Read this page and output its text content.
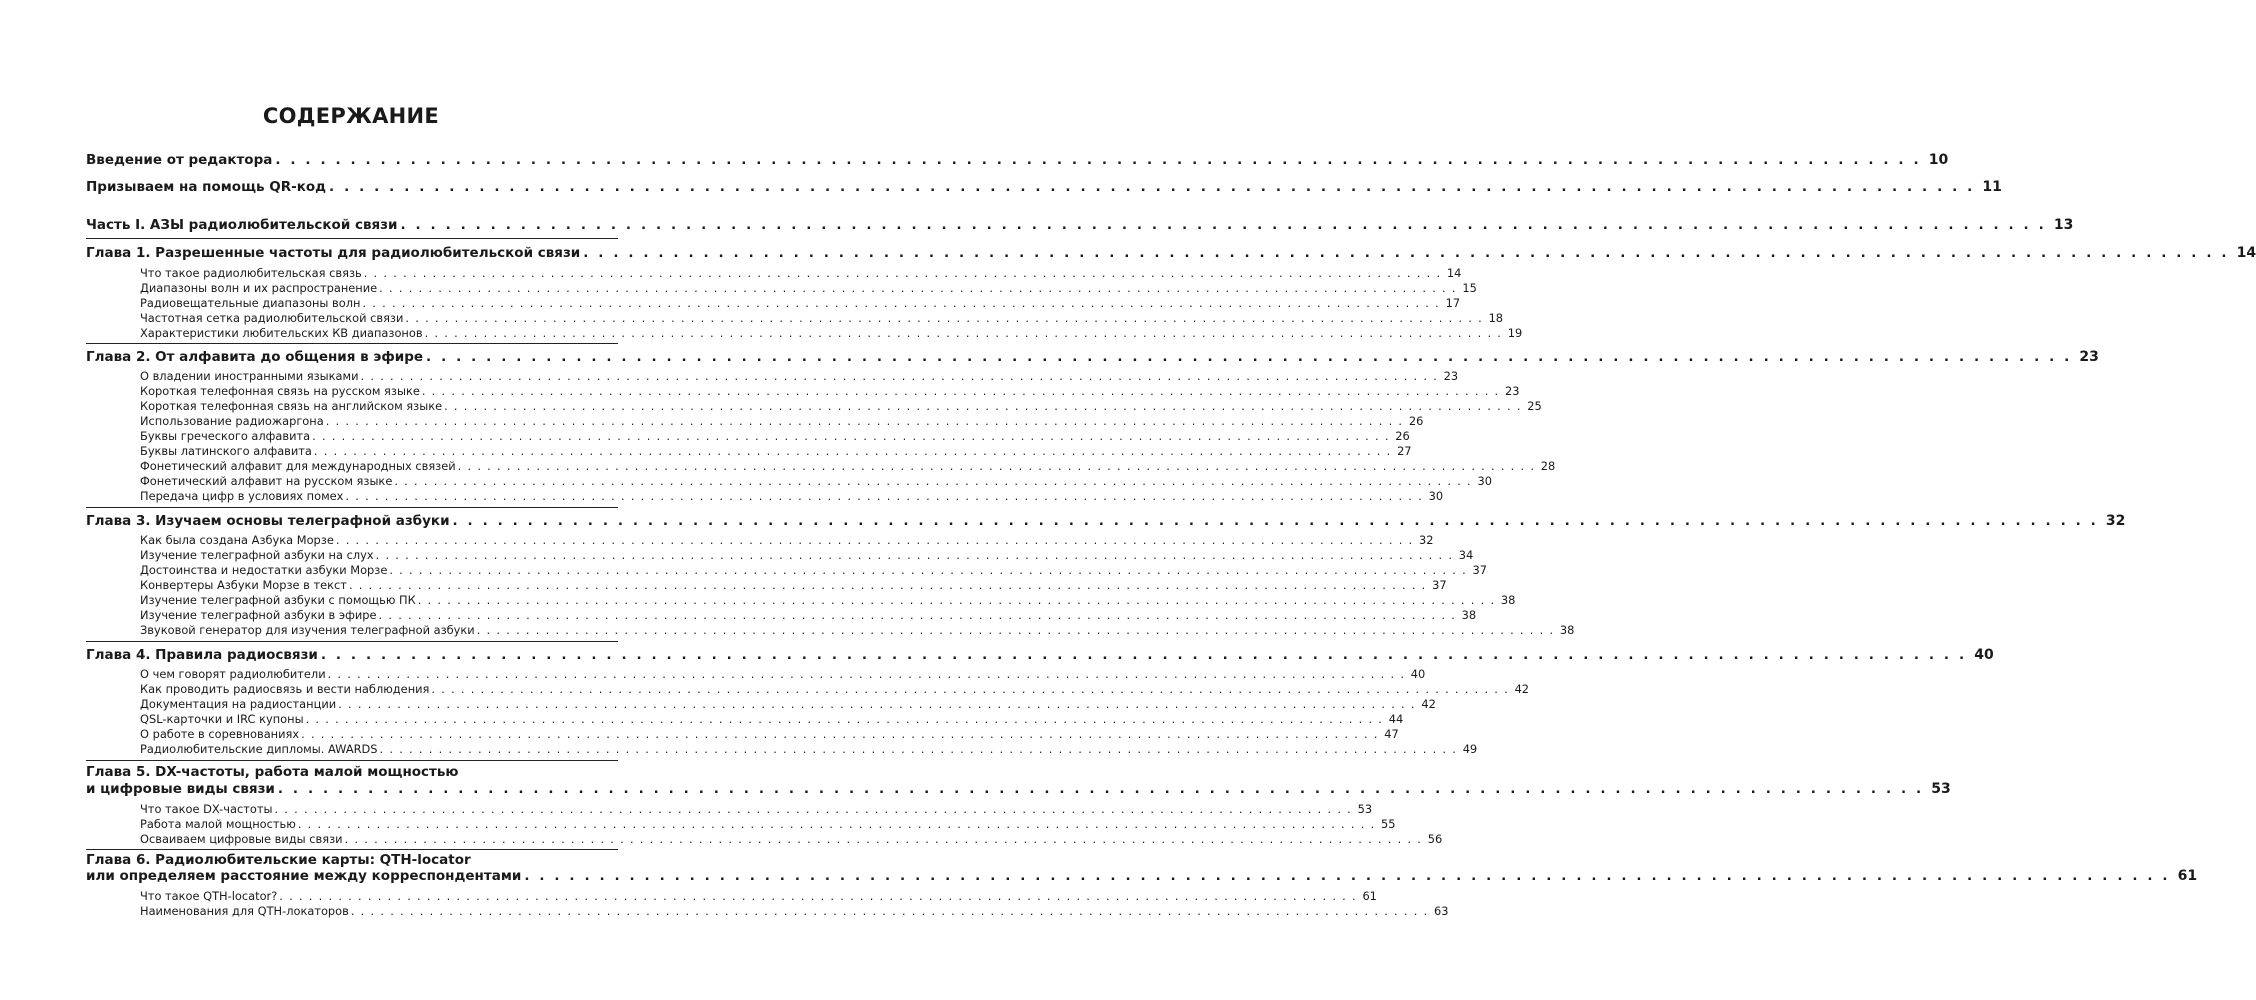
СОДЕРЖАНИЕ
Введение от редактора . . . . . . . . . . . . . . . . . . . . . . . . . . . . . . . . . . . . . . . . . . . . . . . . . . . . . . . . . . . . . . . . . . . . . . . . . . . . . . . . . . . . . . . . . . . . . . . . . . . . . . . . . . . . . . 10
Призываем на помощь QR-код . . . . . . . . . . . . . . . . . . . . . . . . . . . . . . . . . . . . . . . . . . . . . . . . . . . . . . . . . . . . . . . . . . . . . . . . . . . . . . . . . . . . . . . . . . . . . . . . . . . . . . . . . . . . . . 11
Часть I. АЗЫ радиолюбительской связи . . . . . . . . . . . . . . . . . . . . . . . . . . . . . . . . . . . . . . . . . . . . . . . . . . . . . . . . . . . . . . . . . . . . . . . . . . . . . . . . . . . . . . . . . . . . . . . . . . . . . . . . . . . . . . 13
Глава 1. Разрешенные частоты для радиолюбительской связи . . . . . . . . . . . . . . . . . . . . . . . . . . . . . . . . . . . . . . . . . . . . . . . . . . . . . . . . . . . . . . . . . . . . . . . . . . . . . . . . . . . . . . . . . . . . . . . . . . . . . . . . . . . . . . 14
Что такое радиолюбительская связь . . . . . . . . . . . . . . . . . . . . . . . . . . . . . . . . . . . . . . . . . . . . . . . . . . . . . . . . . . . . . . . . . . . . . . . . . . . . . . . . . . . . . . . . . . . . . . . . . . . . . . . . . . . . . . 14
Диапазоны волн и их распространение . . . . . . . . . . . . . . . . . . . . . . . . . . . . . . . . . . . . . . . . . . . . . . . . . . . . . . . . . . . . . . . . . . . . . . . . . . . . . . . . . . . . . . . . . . . . . . . . . . . . . . . . . . . . . . 15
Радиовещательные диапазоны волн . . . . . . . . . . . . . . . . . . . . . . . . . . . . . . . . . . . . . . . . . . . . . . . . . . . . . . . . . . . . . . . . . . . . . . . . . . . . . . . . . . . . . . . . . . . . . . . . . . . . . . . . . . . . . . 17
Частотная сетка радиолюбительской связи . . . . . . . . . . . . . . . . . . . . . . . . . . . . . . . . . . . . . . . . . . . . . . . . . . . . . . . . . . . . . . . . . . . . . . . . . . . . . . . . . . . . . . . . . . . . . . . . . . . . . . . . . . . . . . 18
Характеристики любительских КВ диапазонов . . . . . . . . . . . . . . . . . . . . . . . . . . . . . . . . . . . . . . . . . . . . . . . . . . . . . . . . . . . . . . . . . . . . . . . . . . . . . . . . . . . . . . . . . . . . . . . . . . . . . . . . . . . . . . 19
Глава 2. От алфавита до общения в эфире . . . . . . . . . . . . . . . . . . . . . . . . . . . . . . . . . . . . . . . . . . . . . . . . . . . . . . . . . . . . . . . . . . . . . . . . . . . . . . . . . . . . . . . . . . . . . . . . . . . . . . . . . . . . . . 23
О владении иностранными языками . . . . . . . . . . . . . . . . . . . . . . . . . . . . . . . . . . . . . . . . . . . . . . . . . . . . . . . . . . . . . . . . . . . . . . . . . . . . . . . . . . . . . . . . . . . . . . . . . . . . . . . . . . . . . . 23
Короткая телефонная связь на русском языке . . . . . . . . . . . . . . . . . . . . . . . . . . . . . . . . . . . . . . . . . . . . . . . . . . . . . . . . . . . . . . . . . . . . . . . . . . . . . . . . . . . . . . . . . . . . . . . . . . . . . . . . . . . . . . 23
Короткая телефонная связь на английском языке . . . . . . . . . . . . . . . . . . . . . . . . . . . . . . . . . . . . . . . . . . . . . . . . . . . . . . . . . . . . . . . . . . . . . . . . . . . . . . . . . . . . . . . . . . . . . . . . . . . . . . . . . . . . . . 25
Использование радиожаргона . . . . . . . . . . . . . . . . . . . . . . . . . . . . . . . . . . . . . . . . . . . . . . . . . . . . . . . . . . . . . . . . . . . . . . . . . . . . . . . . . . . . . . . . . . . . . . . . . . . . . . . . . . . . . . 26
Буквы греческого алфавита . . . . . . . . . . . . . . . . . . . . . . . . . . . . . . . . . . . . . . . . . . . . . . . . . . . . . . . . . . . . . . . . . . . . . . . . . . . . . . . . . . . . . . . . . . . . . . . . . . . . . . . . . . . . . . 26
Буквы латинского алфавита . . . . . . . . . . . . . . . . . . . . . . . . . . . . . . . . . . . . . . . . . . . . . . . . . . . . . . . . . . . . . . . . . . . . . . . . . . . . . . . . . . . . . . . . . . . . . . . . . . . . . . . . . . . . . . 27
Фонетический алфавит для международных связей . . . . . . . . . . . . . . . . . . . . . . . . . . . . . . . . . . . . . . . . . . . . . . . . . . . . . . . . . . . . . . . . . . . . . . . . . . . . . . . . . . . . . . . . . . . . . . . . . . . . . . . . . . . . . . 28
Фонетический алфавит на русском языке . . . . . . . . . . . . . . . . . . . . . . . . . . . . . . . . . . . . . . . . . . . . . . . . . . . . . . . . . . . . . . . . . . . . . . . . . . . . . . . . . . . . . . . . . . . . . . . . . . . . . . . . . . . . . . 30
Передача цифр в условиях помех . . . . . . . . . . . . . . . . . . . . . . . . . . . . . . . . . . . . . . . . . . . . . . . . . . . . . . . . . . . . . . . . . . . . . . . . . . . . . . . . . . . . . . . . . . . . . . . . . . . . . . . . . . . . . . 30
Глава 3. Изучаем основы телеграфной азбуки . . . . . . . . . . . . . . . . . . . . . . . . . . . . . . . . . . . . . . . . . . . . . . . . . . . . . . . . . . . . . . . . . . . . . . . . . . . . . . . . . . . . . . . . . . . . . . . . . . . . . . . . . . . . . . 32
Как была создана Азбука Морзе . . . . . . . . . . . . . . . . . . . . . . . . . . . . . . . . . . . . . . . . . . . . . . . . . . . . . . . . . . . . . . . . . . . . . . . . . . . . . . . . . . . . . . . . . . . . . . . . . . . . . . . . . . . . . . 32
Изучение телеграфной азбуки на слух . . . . . . . . . . . . . . . . . . . . . . . . . . . . . . . . . . . . . . . . . . . . . . . . . . . . . . . . . . . . . . . . . . . . . . . . . . . . . . . . . . . . . . . . . . . . . . . . . . . . . . . . . . . . . . 34
Достоинства и недостатки азбуки Морзе . . . . . . . . . . . . . . . . . . . . . . . . . . . . . . . . . . . . . . . . . . . . . . . . . . . . . . . . . . . . . . . . . . . . . . . . . . . . . . . . . . . . . . . . . . . . . . . . . . . . . . . . . . . . . . 37
Конвертеры Азбуки Морзе в текст . . . . . . . . . . . . . . . . . . . . . . . . . . . . . . . . . . . . . . . . . . . . . . . . . . . . . . . . . . . . . . . . . . . . . . . . . . . . . . . . . . . . . . . . . . . . . . . . . . . . . . . . . . . . . . 37
Изучение телеграфной азбуки с помощью ПК . . . . . . . . . . . . . . . . . . . . . . . . . . . . . . . . . . . . . . . . . . . . . . . . . . . . . . . . . . . . . . . . . . . . . . . . . . . . . . . . . . . . . . . . . . . . . . . . . . . . . . . . . . . . . . 38
Изучение телеграфной азбуки в эфире . . . . . . . . . . . . . . . . . . . . . . . . . . . . . . . . . . . . . . . . . . . . . . . . . . . . . . . . . . . . . . . . . . . . . . . . . . . . . . . . . . . . . . . . . . . . . . . . . . . . . . . . . . . . . . 38
Звуковой генератор для изучения телеграфной азбуки . . . . . . . . . . . . . . . . . . . . . . . . . . . . . . . . . . . . . . . . . . . . . . . . . . . . . . . . . . . . . . . . . . . . . . . . . . . . . . . . . . . . . . . . . . . . . . . . . . . . . . . . . . . . . . 38
Глава 4. Правила радиосвязи . . . . . . . . . . . . . . . . . . . . . . . . . . . . . . . . . . . . . . . . . . . . . . . . . . . . . . . . . . . . . . . . . . . . . . . . . . . . . . . . . . . . . . . . . . . . . . . . . . . . . . . . . . . . . . 40
О чем говорят радиолюбители . . . . . . . . . . . . . . . . . . . . . . . . . . . . . . . . . . . . . . . . . . . . . . . . . . . . . . . . . . . . . . . . . . . . . . . . . . . . . . . . . . . . . . . . . . . . . . . . . . . . . . . . . . . . . . 40
Как проводить радиосвязь и вести наблюдения . . . . . . . . . . . . . . . . . . . . . . . . . . . . . . . . . . . . . . . . . . . . . . . . . . . . . . . . . . . . . . . . . . . . . . . . . . . . . . . . . . . . . . . . . . . . . . . . . . . . . . . . . . . . . . 42
Документация на радиостанции . . . . . . . . . . . . . . . . . . . . . . . . . . . . . . . . . . . . . . . . . . . . . . . . . . . . . . . . . . . . . . . . . . . . . . . . . . . . . . . . . . . . . . . . . . . . . . . . . . . . . . . . . . . . . . 42
QSL-карточки и IRC купоны . . . . . . . . . . . . . . . . . . . . . . . . . . . . . . . . . . . . . . . . . . . . . . . . . . . . . . . . . . . . . . . . . . . . . . . . . . . . . . . . . . . . . . . . . . . . . . . . . . . . . . . . . . . . . . 44
О работе в соревнованиях . . . . . . . . . . . . . . . . . . . . . . . . . . . . . . . . . . . . . . . . . . . . . . . . . . . . . . . . . . . . . . . . . . . . . . . . . . . . . . . . . . . . . . . . . . . . . . . . . . . . . . . . . . . . . . 47
Радиолюбительские дипломы. AWARDS . . . . . . . . . . . . . . . . . . . . . . . . . . . . . . . . . . . . . . . . . . . . . . . . . . . . . . . . . . . . . . . . . . . . . . . . . . . . . . . . . . . . . . . . . . . . . . . . . . . . . . . . . . . . . . 49
Глава 5. DX-частоты, работа малой мощностью
и цифровые виды связи . . . . . . . . . . . . . . . . . . . . . . . . . . . . . . . . . . . . . . . . . . . . . . . . . . . . . . . . . . . . . . . . . . . . . . . . . . . . . . . . . . . . . . . . . . . . . . . . . . . . . . . . . . . . . . 53
Что такое DX-частоты . . . . . . . . . . . . . . . . . . . . . . . . . . . . . . . . . . . . . . . . . . . . . . . . . . . . . . . . . . . . . . . . . . . . . . . . . . . . . . . . . . . . . . . . . . . . . . . . . . . . . . . . . . . . . . 53
Работа малой мощностью . . . . . . . . . . . . . . . . . . . . . . . . . . . . . . . . . . . . . . . . . . . . . . . . . . . . . . . . . . . . . . . . . . . . . . . . . . . . . . . . . . . . . . . . . . . . . . . . . . . . . . . . . . . . . . 55
Осваиваем цифровые виды связи . . . . . . . . . . . . . . . . . . . . . . . . . . . . . . . . . . . . . . . . . . . . . . . . . . . . . . . . . . . . . . . . . . . . . . . . . . . . . . . . . . . . . . . . . . . . . . . . . . . . . . . . . . . . . . 56
Глава 6. Радиолюбительские карты: QTH-locator
или определяем расстояние между корреспондентами . . . . . . . . . . . . . . . . . . . . . . . . . . . . . . . . . . . . . . . . . . . . . . . . . . . . . . . . . . . . . . . . . . . . . . . . . . . . . . . . . . . . . . . . . . . . . . . . . . . . . . . . . . . . . . 61
Что такое QTH-locator? . . . . . . . . . . . . . . . . . . . . . . . . . . . . . . . . . . . . . . . . . . . . . . . . . . . . . . . . . . . . . . . . . . . . . . . . . . . . . . . . . . . . . . . . . . . . . . . . . . . . . . . . . . . . . . 61
Наименования для QTH-локаторов . . . . . . . . . . . . . . . . . . . . . . . . . . . . . . . . . . . . . . . . . . . . . . . . . . . . . . . . . . . . . . . . . . . . . . . . . . . . . . . . . . . . . . . . . . . . . . . . . . . . . . . . . . . . . . 63
